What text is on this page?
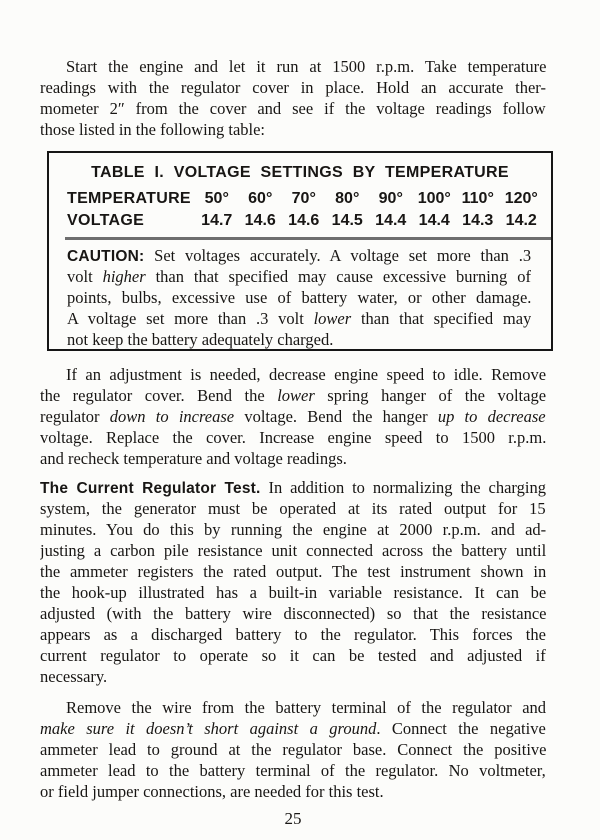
Start the engine and let it run at 1500 r.p.m. Take temperature
readings with the regulator cover in place. Hold an accurate ther-
mometer 2″ from the cover and see if the voltage readings follow
those listed in the following table:
TABLE I. VOLTAGE SETTINGS BY TEMPERATURE
TEMPERATURE 50°	60°	70°	80°	90° 100° 110° 120°
VOLTAGE	14.7 14.6 14.6 14.5 14.4 14.4 14.3 14.2
CAUTION: Set voltages accurately. A voltage set more than .3
volt higher than that specified may cause excessive burning of
points, bulbs, excessive use of battery water, or other damage.
A voltage set more than .3 volt lower than that specified may
not keep the battery adequately charged.
If an adjustment is needed, decrease engine speed to idle. Remove
the regulator cover. Bend the lower spring hanger of the voltage
regulator down to increase voltage. Bend the hanger up to decrease
voltage. Replace the cover. Increase engine speed to 1500 r.p.m.
and recheck temperature and voltage readings.
The Current Regulator Test. In addition to normalizing the charging
system, the generator must be operated at its rated output for 15
minutes. You do this by running the engine at 2000 r.p.m. and ad-
justing a carbon pile resistance unit connected across the battery until
the ammeter registers the rated output. The test instrument shown in
the hook-up illustrated has a built-in variable resistance. It can be
adjusted (with the battery wire disconnected) so that the resistance
appears as a discharged battery to the regulator. This forces the
current regulator to operate so it can be tested and adjusted if
necessary.
Remove the wire from the battery terminal of the regulator and
make sure it doesn’t short against a ground. Connect the negative
ammeter lead to ground at the regulator base. Connect the positive
ammeter lead to the battery terminal of the regulator. No voltmeter,
or field jumper connections, are needed for this test.
25
